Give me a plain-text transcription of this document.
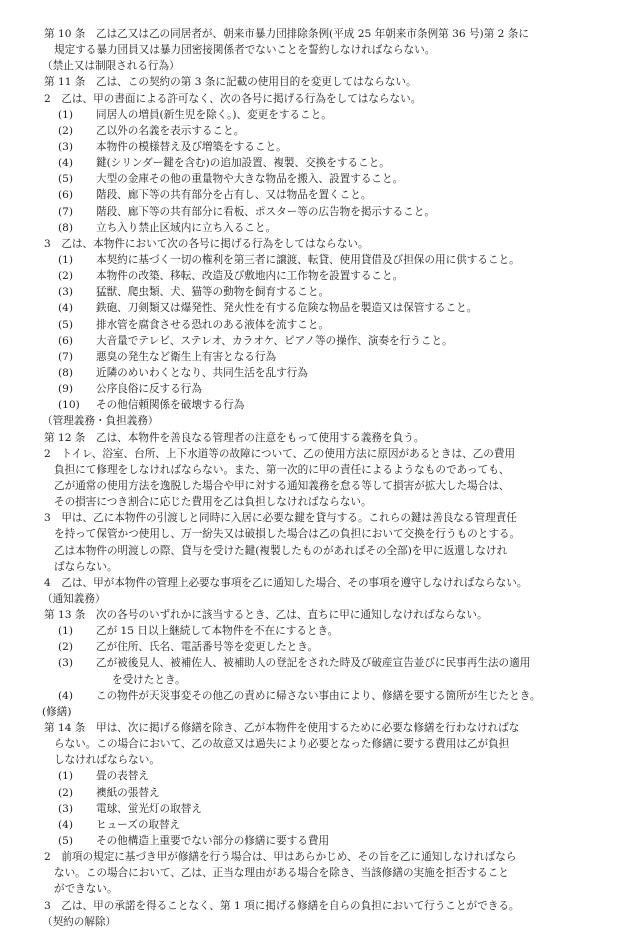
第 10 条　乙は乙又は乙の同居者が、朝来市暴力団排除条例(平成 25 年朝来市条例第 36 号)第 2 条に
規定する暴力団員又は暴力団密接関係者でないことを誓約しなければならない。
（禁止又は制限される行為）
第 11 条　乙は、この契約の第 3 条に記載の使用目的を変更してはならない。
2　乙は、甲の書面による許可なく、次の各号に掲げる行為をしてはならない。
(1)	同居人の増員(新生児を除く。)、変更をすること。
(2)	乙以外の名義を表示すること。
(3)	本物件の模様替え及び増築をすること。
(4)	鍵(シリンダー鍵を含む)の追加設置、複製、交換をすること。
(5)	大型の金庫その他の重量物や大きな物品を搬入、設置すること。
(6)	階段、廊下等の共有部分を占有し、又は物品を置くこと。
(7)	階段、廊下等の共有部分に看板、ポスター等の広告物を掲示すること。
(8)	立ち入り禁止区域内に立ち入ること。
3　乙は、本物件において次の各号に掲げる行為をしてはならない。
(1)	本契約に基づく一切の権利を第三者に譲渡、転貸、使用貸借及び担保の用に供すること。
(2)	本物件の改築、移転、改造及び敷地内に工作物を設置すること。
(3)	猛獣、爬虫類、犬、猫等の動物を飼育すること。
(4)	鉄砲、刀剣類又は爆発性、発火性を有する危険な物品を製造又は保管すること。
(5)	排水管を腐食させる恐れのある液体を流すこと。
(6)	大音量でテレビ、ステレオ、カラオケ、ピアノ等の操作、演奏を行うこと。
(7)	悪臭の発生など衛生上有害となる行為
(8)	近隣のめいわくとなり、共同生活を乱す行為
(9)	公序良俗に反する行為
(10)	その他信頼関係を破壊する行為
（管理義務・負担義務）
第 12 条　乙は、本物件を善良なる管理者の注意をもって使用する義務を負う。
2　トイレ、浴室、台所、上下水道等の故障について、乙の使用方法に原因があるときは、乙の費用
負担にて修理をしなければならない。また、第一次的に甲の責任によるようなものであっても、
乙が通常の使用方法を逸脱した場合や甲に対する通知義務を怠る等して損害が拡大した場合は、
その損害につき割合に応じた費用を乙は負担しなければならない。
3　甲は、乙に本物件の引渡しと同時に入居に必要な鍵を貸与する。これらの鍵は善良なる管理責任
を持って保管かつ使用し、万一紛失又は破損した場合は乙の負担において交換を行うものとする。
乙は本物件の明渡しの際、貸与を受けた鍵(複製したものがあればその全部)を甲に返還しなけれ
ばならない。
4　乙は、甲が本物件の管理上必要な事項を乙に通知した場合、その事項を遵守しなければならない。
（通知義務）
第 13 条　次の各号のいずれかに該当するとき、乙は、直ちに甲に通知しなければならない。
(1)	乙が 15 日以上継続して本物件を不在にするとき。
(2)	乙が住所、氏名、電話番号等を変更したとき。
(3)	乙が被後見人、被補佐人、被補助人の登記をされた時及び破産宣告並びに民事再生法の適用
を受けたとき。
(4)	この物件が天災事変その他乙の責めに帰さない事由により、修繕を要する箇所が生じたとき。
(修繕)
第 14 条　甲は、次に掲げる修繕を除き、乙が本物件を使用するために必要な修繕を行わなければな
らない。この場合において、乙の故意又は過失により必要となった修繕に要する費用は乙が負担
しなければならない。
(1)	畳の表替え
(2)	襖紙の張替え
(3)	電球、蛍光灯の取替え
(4)	ヒューズの取替え
(5)	その他構造上重要でない部分の修繕に要する費用
2　前項の規定に基づき甲が修繕を行う場合は、甲はあらかじめ、その旨を乙に通知しなければなら
ない。この場合において、乙は、正当な理由がある場合を除き、当該修繕の実施を拒否すること
ができない。
3　乙は、甲の承諾を得ることなく、第 1 項に掲げる修繕を自らの負担において行うことができる。
（契約の解除）
